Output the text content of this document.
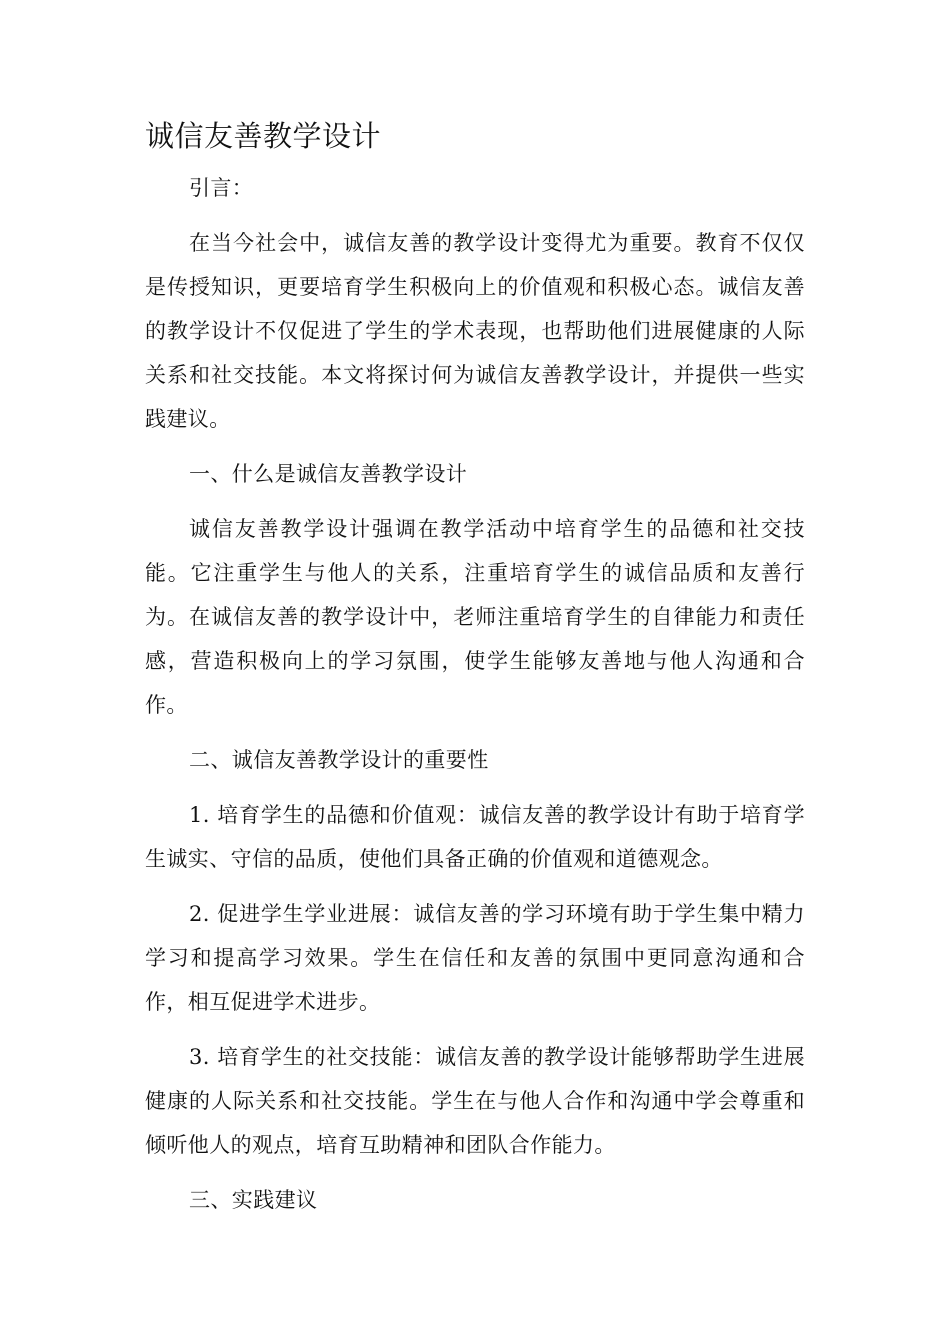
诚信友善教学设计

引言：

在当今社会中，诚信友善的教学设计变得尤为重要。教育不仅仅是传授知识，更要培育学生积极向上的价值观和积极心态。诚信友善的教学设计不仅促进了学生的学术表现，也帮助他们进展健康的人际关系和社交技能。本文将探讨何为诚信友善教学设计，并提供一些实践建议。

一、什么是诚信友善教学设计

诚信友善教学设计强调在教学活动中培育学生的品德和社交技能。它注重学生与他人的关系，注重培育学生的诚信品质和友善行为。在诚信友善的教学设计中，老师注重培育学生的自律能力和责任感，营造积极向上的学习氛围，使学生能够友善地与他人沟通和合作。

二、诚信友善教学设计的重要性

1. 培育学生的品德和价值观：诚信友善的教学设计有助于培育学生诚实、守信的品质，使他们具备正确的价值观和道德观念。

2. 促进学生学业进展：诚信友善的学习环境有助于学生集中精力学习和提高学习效果。学生在信任和友善的氛围中更同意沟通和合作，相互促进学术进步。

3. 培育学生的社交技能：诚信友善的教学设计能够帮助学生进展健康的人际关系和社交技能。学生在与他人合作和沟通中学会尊重和倾听他人的观点，培育互助精神和团队合作能力。

三、实践建议
